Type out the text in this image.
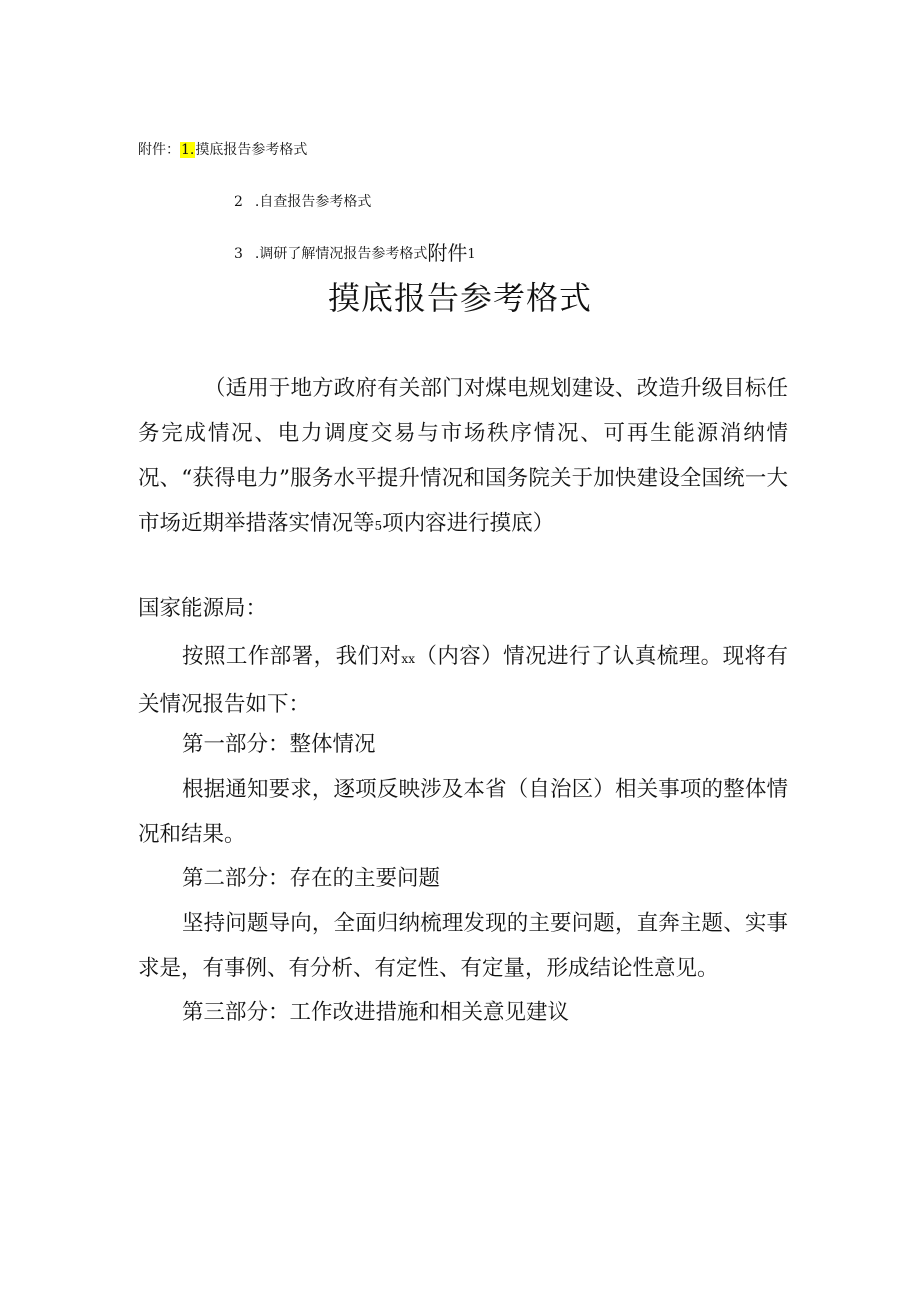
附件：1.摸底报告参考格式
2 .自查报告参考格式
3 .调研了解情况报告参考格式附件1
摸底报告参考格式

（适用于地方政府有关部门对煤电规划建设、改造升级目标任务完成情况、电力调度交易与市场秩序情况、可再生能源消纳情况、“获得电力”服务水平提升情况和国务院关于加快建设全国统一大市场近期举措落实情况等5项内容进行摸底）

国家能源局：

按照工作部署，我们对xx（内容）情况进行了认真梳理。现将有关情况报告如下：

第一部分：整体情况

根据通知要求，逐项反映涉及本省（自治区）相关事项的整体情况和结果。

第二部分：存在的主要问题

坚持问题导向，全面归纳梳理发现的主要问题，直奔主题、实事求是，有事例、有分析、有定性、有定量，形成结论性意见。

第三部分：工作改进措施和相关意见建议
